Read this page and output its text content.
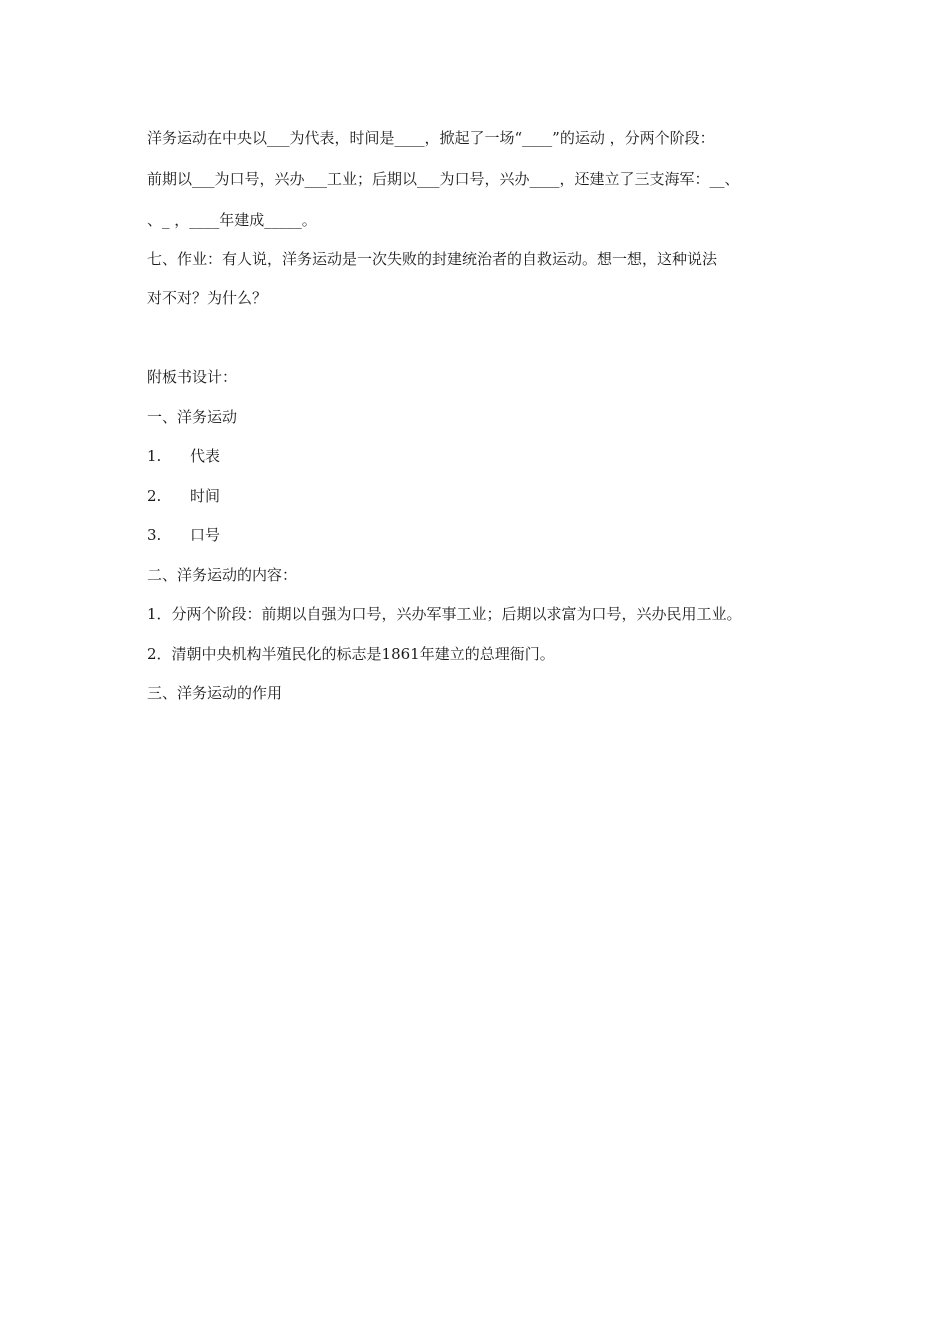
洋务运动在中央以___为代表，时间是____，掀起了一场“____”的运动 ，分两个阶段：
前期以___为口号，兴办___工业；后期以___为口号，兴办____，还建立了三支海军：__、
、_ ，____年建成_____。
七、作业：有人说，洋务运动是一次失败的封建统治者的自救运动。想一想，这种说法
对不对？为什么？
附板书设计：
一、洋务运动
1. 代表
2. 时间
3. 口号
二、洋务运动的内容：
1．分两个阶段：前期以自强为口号，兴办军事工业；后期以求富为口号，兴办民用工业。
2．清朝中央机构半殖民化的标志是1861年建立的总理衙门。
三、洋务运动的作用
